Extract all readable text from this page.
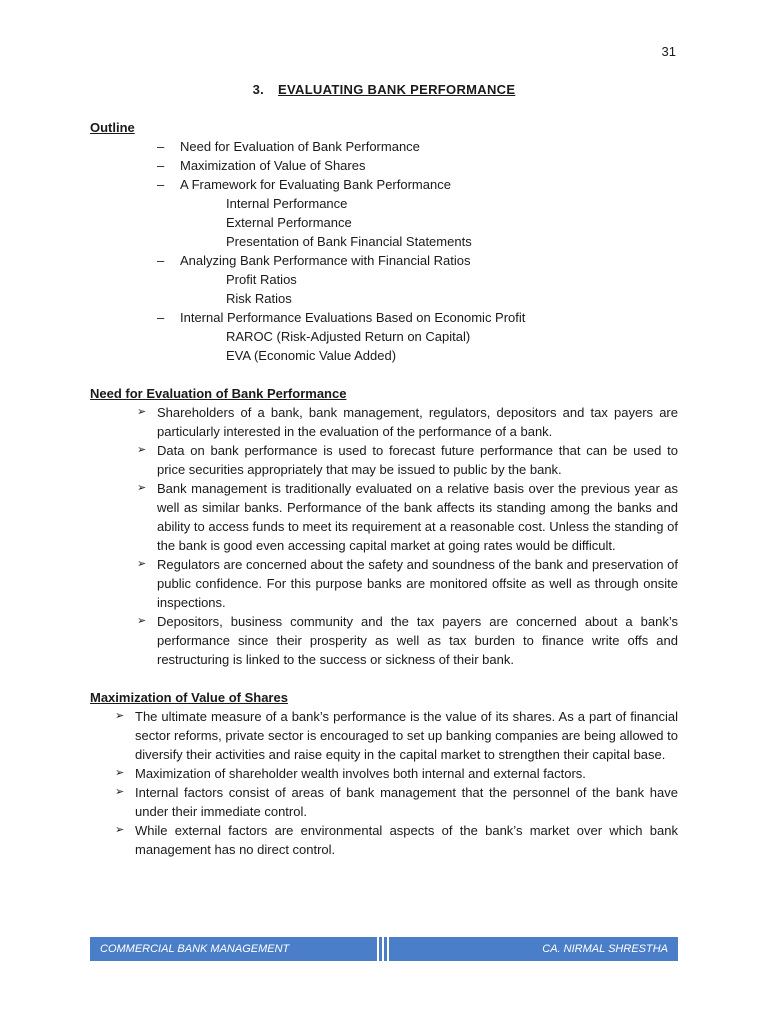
31
3. EVALUATING BANK PERFORMANCE
Outline
– Need for Evaluation of Bank Performance
– Maximization of Value of Shares
– A Framework for Evaluating Bank Performance
Internal Performance
External Performance
Presentation of Bank Financial Statements
– Analyzing Bank Performance with Financial Ratios
Profit Ratios
Risk Ratios
– Internal Performance Evaluations Based on Economic Profit
RAROC (Risk-Adjusted Return on Capital)
EVA (Economic Value Added)
Need for Evaluation of Bank Performance
➢ Shareholders of a bank, bank management, regulators, depositors and tax payers are particularly interested in the evaluation of the performance of a bank.
➢ Data on bank performance is used to forecast future performance that can be used to price securities appropriately that may be issued to public by the bank.
➢ Bank management is traditionally evaluated on a relative basis over the previous year as well as similar banks. Performance of the bank affects its standing among the banks and ability to access funds to meet its requirement at a reasonable cost. Unless the standing of the bank is good even accessing capital market at going rates would be difficult.
➢ Regulators are concerned about the safety and soundness of the bank and preservation of public confidence. For this purpose banks are monitored offsite as well as through onsite inspections.
➢ Depositors, business community and the tax payers are concerned about a bank’s performance since their prosperity as well as tax burden to finance write offs and restructuring is linked to the success or sickness of their bank.
Maximization of Value of Shares
➢ The ultimate measure of a bank’s performance is the value of its shares. As a part of financial sector reforms, private sector is encouraged to set up banking companies are being allowed to diversify their activities and raise equity in the capital market to strengthen their capital base.
➢ Maximization of shareholder wealth involves both internal and external factors.
➢ Internal factors consist of areas of bank management that the personnel of the bank have under their immediate control.
➢ While external factors are environmental aspects of the bank’s market over which bank management has no direct control.
COMMERCIAL BANK MANAGEMENT	CA. NIRMAL SHRESTHA
